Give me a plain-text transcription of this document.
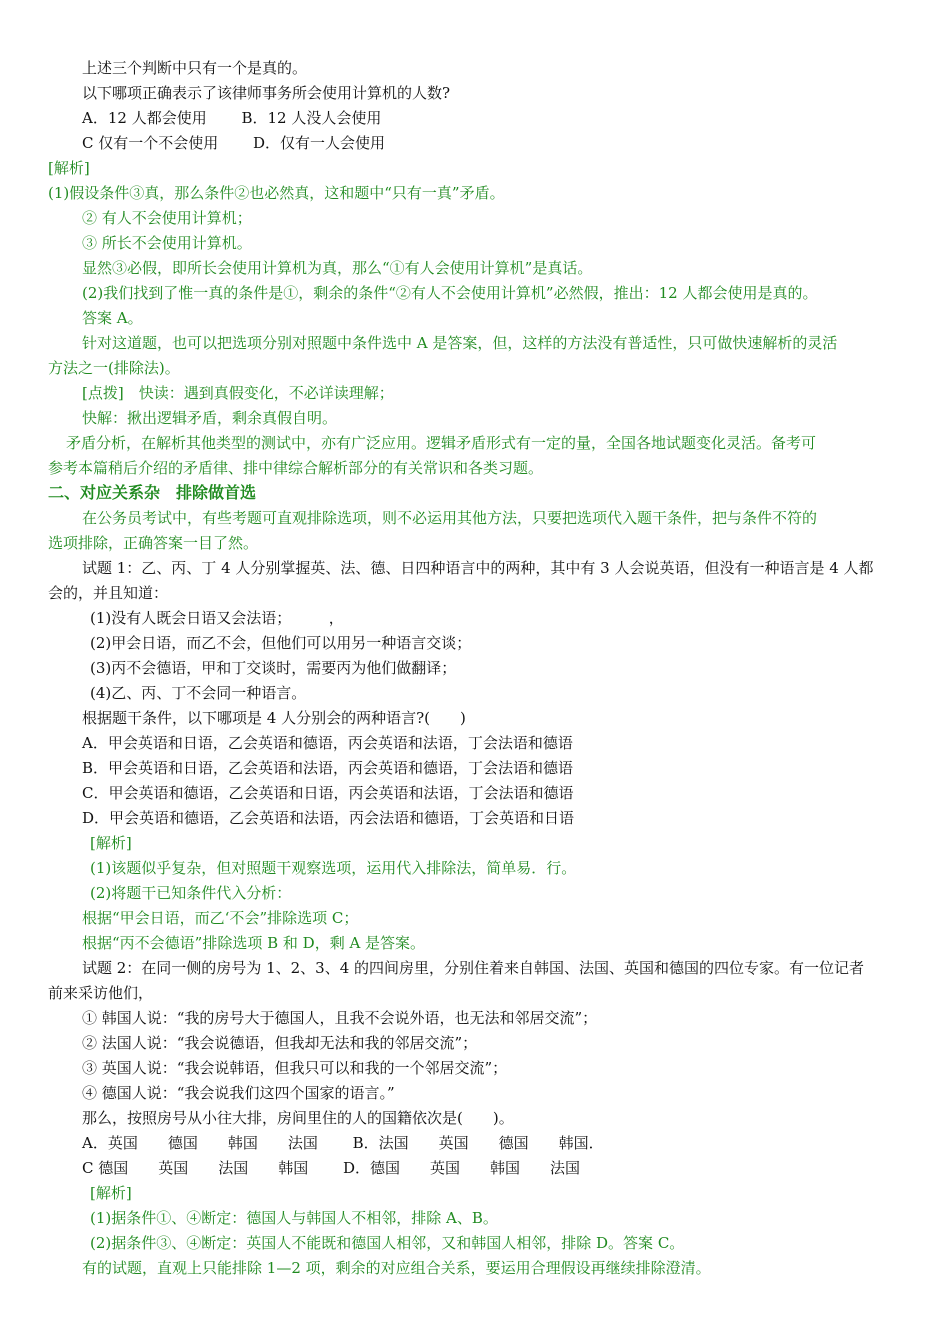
上述三个判断中只有一个是真的。
以下哪项正确表示了该律师事务所会使用计算机的人数?
A．12 人都会使用　　 B．12 人没人会使用
C 仅有一个不会使用　　 D．仅有一人会使用
[解析]
(1)假设条件③真，那么条件②也必然真，这和题中“只有一真”矛盾。
② 有人不会使用计算机；
③ 所长不会使用计算机。
显然③必假，即所长会使用计算机为真，那么“①有人会使用计算机”是真话。
(2)我们找到了惟一真的条件是①，剩余的条件“②有人不会使用计算机”必然假，推出：12 人都会使用是真的。
答案 A。
针对这道题，也可以把选项分别对照题中条件选中 A 是答案，但，这样的方法没有普适性，只可做快速解析的灵活
方法之一(排除法)。
[点拨]　快读：遇到真假变化，不必详读理解；
快解：揪出逻辑矛盾，剩余真假自明。
矛盾分析，在解析其他类型的测试中，亦有广泛应用。逻辑矛盾形式有一定的量，全国各地试题变化灵活。备考可
参考本篇稍后介绍的矛盾律、排中律综合解析部分的有关常识和各类习题。
二、对应关系杂　排除做首选
在公务员考试中，有些考题可直观排除选项，则不必运用其他方法，只要把选项代入题干条件，把与条件不符的
选项排除，正确答案一目了然。
试题 1：乙、丙、丁 4 人分别掌握英、法、德、日四种语言中的两种，其中有 3 人会说英语，但没有一种语言是 4 人都
会的，并且知道：
(1)没有人既会日语又会法语；　　　，
(2)甲会日语，而乙不会，但他们可以用另一种语言交谈；
(3)丙不会德语，甲和丁交谈时，需要丙为他们做翻译；
(4)乙、丙、丁不会同一种语言。
根据题干条件，以下哪项是 4 人分别会的两种语言?(　　)
A．甲会英语和日语，乙会英语和德语，丙会英语和法语，丁会法语和德语
B．甲会英语和日语，乙会英语和法语，丙会英语和德语，丁会法语和德语
C．甲会英语和德语，乙会英语和日语，丙会英语和法语，丁会法语和德语
D．甲会英语和德语，乙会英语和法语，丙会法语和德语，丁会英语和日语
[解析]
(1)该题似乎复杂，但对照题干观察选项，运用代入排除法，简单易．行。
(2)将题干已知条件代入分析：
根据“甲会日语，而乙‘不会”排除选项 C；
根据“丙不会德语”排除选项 B 和 D，剩 A 是答案。
试题 2：在同一侧的房号为 1、2、3、4 的四间房里，分别住着来自韩国、法国、英国和德国的四位专家。有一位记者
前来采访他们，
① 韩国人说：“我的房号大于德国人，且我不会说外语，也无法和邻居交流”；
② 法国人说：“我会说德语，但我却无法和我的邻居交流”；
③ 英国人说：“我会说韩语，但我只可以和我的一个邻居交流”；
④ 德国人说：“我会说我们这四个国家的语言。”
那么，按照房号从小往大排，房间里住的人的国籍依次是(　　)。
A．英国　　德国　　韩国　　法国　　 B．法国　　英国　　德国　　韩国．
C 德国　　英国　　法国　　韩国　　 D．德国　　英国　　韩国　　法国
[解析]
(1)据条件①、④断定：德国人与韩国人不相邻，排除 A、B。
(2)据条件③、④断定：英国人不能既和德国人相邻，又和韩国人相邻，排除 D。答案 C。
有的试题，直观上只能排除 1—2 项，剩余的对应组合关系，要运用合理假设再继续排除澄清。
